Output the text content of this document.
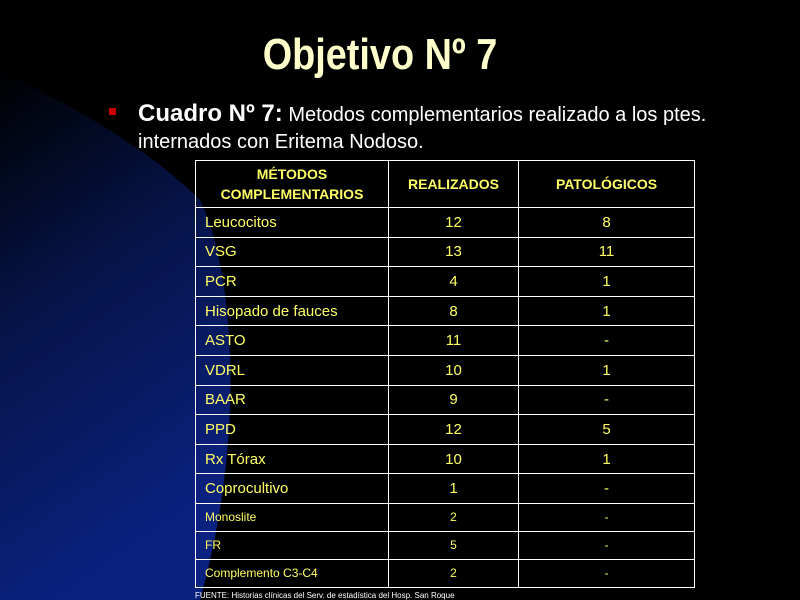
Objetivo Nº 7
Cuadro Nº 7: Metodos complementarios realizado a los ptes. internados con Eritema Nodoso.
MÉTODOS COMPLEMENTARIOS	REALIZADOS	PATOLÓGICOS
Leucocitos	12	8
VSG	13	11
PCR	4	1
Hisopado de fauces	8	1
ASTO	11	-
VDRL	10	1
BAAR	9	-
PPD	12	5
Rx Tórax	10	1
Coprocultivo	1	-
Monoslite	2	-
FR	5	-
Complemento C3-C4	2	-
FUENTE: Historias clínicas del Serv. de estadística del Hosp. San Roque
